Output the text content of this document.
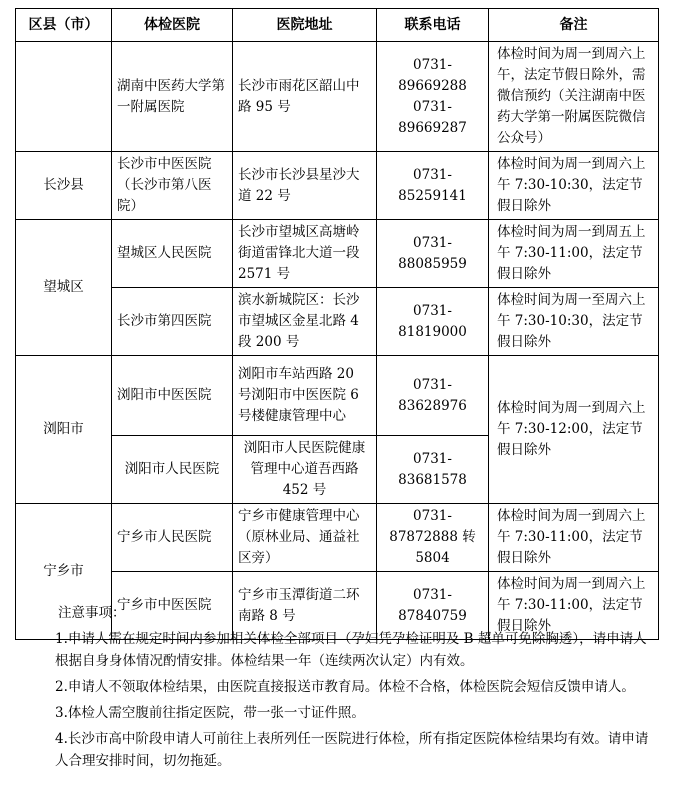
区县（市）	体检医院	医院地址	联系电话	备注
	湖南中医药大学第一附属医院	长沙市雨花区韶山中路 95 号	0731-89669288 0731-89669287	体检时间为周一到周六上午，法定节假日除外，需微信预约（关注湖南中医药大学第一附属医院微信公众号）
长沙县	长沙市中医医院（长沙市第八医院）	长沙市长沙县星沙大道 22 号	0731-85259141	体检时间为周一到周六上午 7:30-10:30，法定节假日除外
望城区	望城区人民医院	长沙市望城区高塘岭街道雷锋北大道一段 2571 号	0731-88085959	体检时间为周一到周五上午 7:30-11:00，法定节假日除外
	长沙市第四医院	滨水新城院区：长沙市望城区金星北路 4 段 200 号	0731-81819000	体检时间为周一至周六上午 7:30-10:30，法定节假日除外
浏阳市	浏阳市中医医院	浏阳市车站西路 20 号浏阳市中医医院 6 号楼健康管理中心	0731-83628976	体检时间为周一到周六上午 7:30-12:00，法定节假日除外
	浏阳市人民医院	浏阳市人民医院健康管理中心道吾西路 452 号	0731-83681578	
宁乡市	宁乡市人民医院	宁乡市健康管理中心（原林业局、通益社区旁）	0731-87872888 转 5804	体检时间为周一到周六上午 7:30-11:00，法定节假日除外
	宁乡市中医医院	宁乡市玉潭街道二环南路 8 号	0731-87840759	体检时间为周一到周六上午 7:30-11:00，法定节假日除外

注意事项：

1.申请人需在规定时间内参加相关体检全部项目（孕妇凭孕检证明及 B 超单可免除胸透），请申请人根据自身身体情况酌情安排。体检结果一年（连续两次认定）内有效。

2.申请人不领取体检结果，由医院直接报送市教育局。体检不合格，体检医院会短信反馈申请人。

3.体检人需空腹前往指定医院，带一张一寸证件照。

4.长沙市高中阶段申请人可前往上表所列任一医院进行体检，所有指定医院体检结果均有效。请申请人合理安排时间，切勿拖延。
